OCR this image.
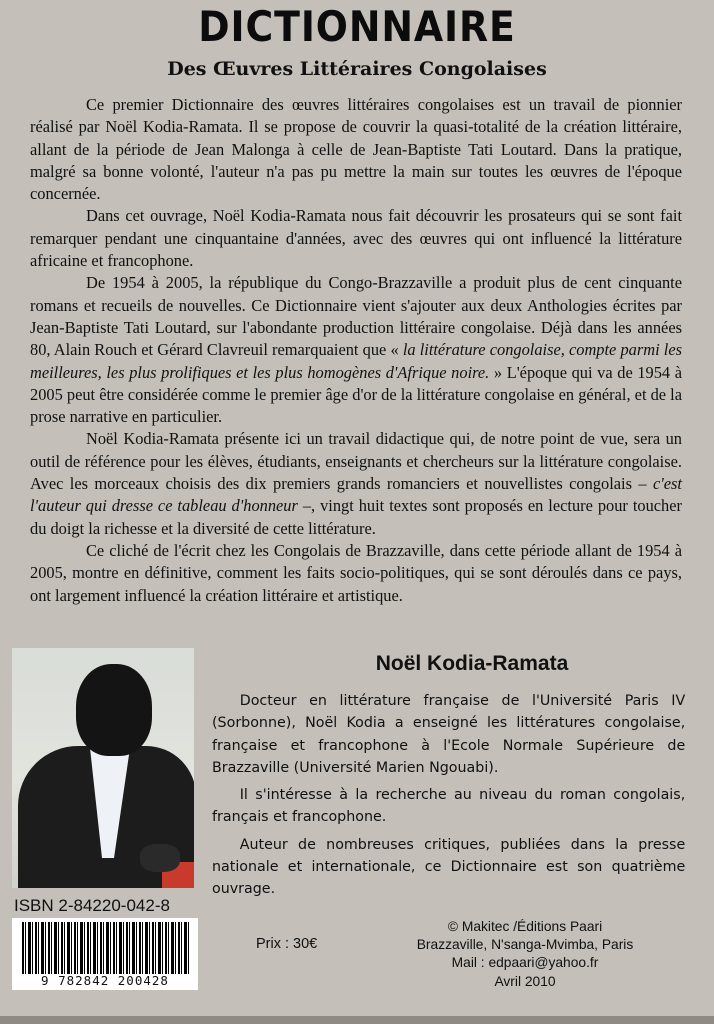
DICTIONNAIRE
Des Œuvres Littéraires Congolaises

Ce premier Dictionnaire des œuvres littéraires congolaises est un travail de pionnier réalisé par Noël Kodia-Ramata. Il se propose de couvrir la quasi-totalité de la création littéraire, allant de la période de Jean Malonga à celle de Jean-Baptiste Tati Loutard. Dans la pratique, malgré sa bonne volonté, l'auteur n'a pas pu mettre la main sur toutes les œuvres de l'époque concernée.

Dans cet ouvrage, Noël Kodia-Ramata nous fait découvrir les prosateurs qui se sont fait remarquer pendant une cinquantaine d'années, avec des œuvres qui ont influencé la littérature africaine et francophone.

De 1954 à 2005, la république du Congo-Brazzaville a produit plus de cent cinquante romans et recueils de nouvelles. Ce Dictionnaire vient s'ajouter aux deux Anthologies écrites par Jean-Baptiste Tati Loutard, sur l'abondante production littéraire congolaise. Déjà dans les années 80, Alain Rouch et Gérard Clavreuil remarquaient que « la littérature congolaise, compte parmi les meilleures, les plus prolifiques et les plus homogènes d'Afrique noire. » L'époque qui va de 1954 à 2005 peut être considérée comme le premier âge d'or de la littérature congolaise en général, et de la prose narrative en particulier.

Noël Kodia-Ramata présente ici un travail didactique qui, de notre point de vue, sera un outil de référence pour les élèves, étudiants, enseignants et chercheurs sur la littérature congolaise. Avec les morceaux choisis des dix premiers grands romanciers et nouvellistes congolais – c'est l'auteur qui dresse ce tableau d'honneur –, vingt huit textes sont proposés en lecture pour toucher du doigt la richesse et la diversité de cette littérature.

Ce cliché de l'écrit chez les Congolais de Brazzaville, dans cette période allant de 1954 à 2005, montre en définitive, comment les faits socio-politiques, qui se sont déroulés dans ce pays, ont largement influencé la création littéraire et artistique.

Noël Kodia-Ramata

Docteur en littérature française de l'Université Paris IV (Sorbonne), Noël Kodia a enseigné les littératures congolaise, française et francophone à l'Ecole Normale Supérieure de Brazzaville (Université Marien Ngouabi).

Il s'intéresse à la recherche au niveau du roman congolais, français et francophone.

Auteur de nombreuses critiques, publiées dans la presse nationale et internationale, ce Dictionnaire est son quatrième ouvrage.

ISBN 2-84220-042-8
9 782842 200428
Prix : 30€
© Makitec /Éditions Paari
Brazzaville, N'sanga-Mvimba, Paris
Mail : edpaari@yahoo.fr
Avril 2010
